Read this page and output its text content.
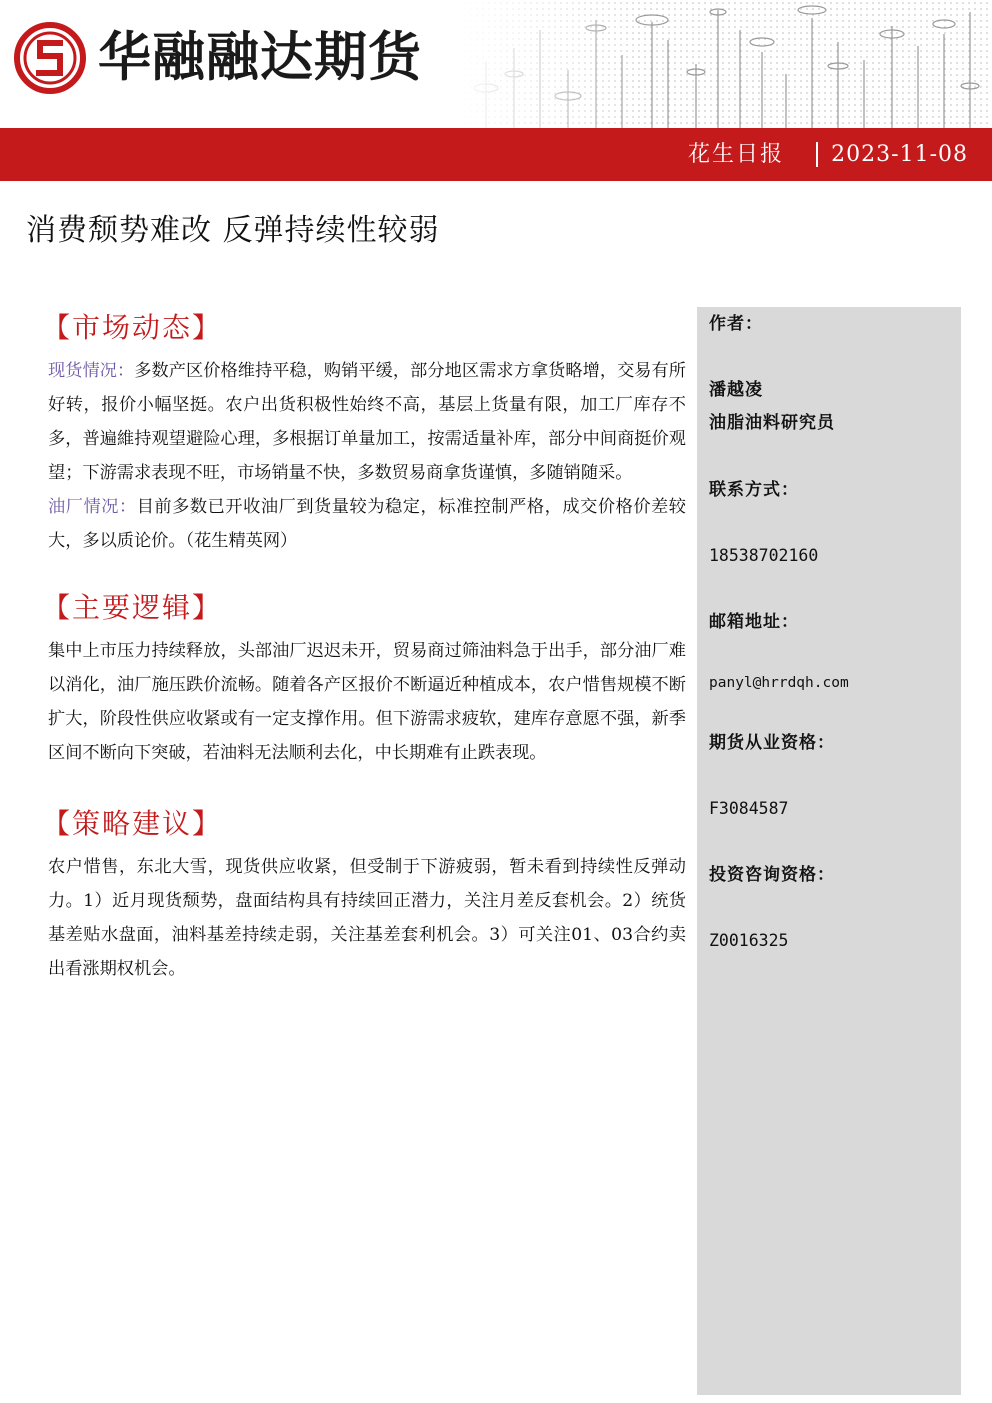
华融融达期货
花生日报 2023-11-08
消费颓势难改 反弹持续性较弱
【市场动态】

现货情况：多数产区价格维持平稳，购销平缓，部分地区需求方拿货略增，交易有所好转，报价小幅坚挺。农户出货积极性始终不高，基层上货量有限，加工厂库存不多，普遍維持观望避险心理，多根据订单量加工，按需适量补库，部分中间商挺价观望；下游需求表现不旺，市场销量不快，多数贸易商拿货谨慎，多随销随采。

油厂情况：目前多数已开收油厂到货量较为稳定，标准控制严格，成交价格价差较大，多以质论价。（花生精英网）

【主要逻辑】

集中上市压力持续释放，头部油厂迟迟未开，贸易商过筛油料急于出手，部分油厂难以消化，油厂施压跌价流畅。随着各产区报价不断逼近种植成本，农户惜售规模不断扩大，阶段性供应收紧或有一定支撑作用。但下游需求疲软，建库存意愿不强，新季区间不断向下突破，若油料无法顺利去化，中长期难有止跌表现。

【策略建议】

农户惜售，东北大雪，现货供应收紧，但受制于下游疲弱，暂未看到持续性反弹动力。1）近月现货颓势，盘面结构具有持续回正潜力，关注月差反套机会。2）统货基差贴水盘面，油料基差持续走弱，关注基差套利机会。3）可关注01、03合约卖出看涨期权机会。

作者：
潘越凌
油脂油料研究员
联系方式：
18538702160
邮箱地址：
panyl@hrrdqh.com
期货从业资格：
F3084587
投资咨询资格：
Z0016325
